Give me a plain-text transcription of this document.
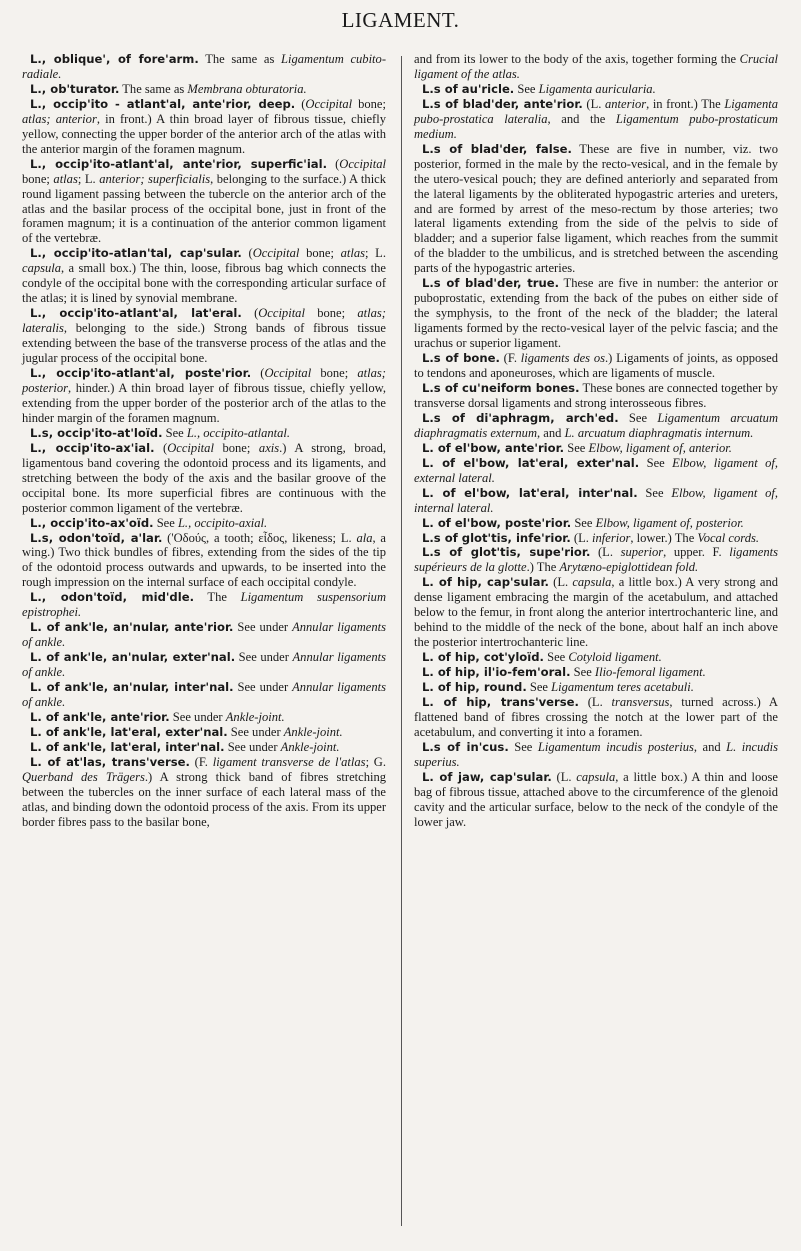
LIGAMENT.

L., oblique', of fore'arm. The same as Ligamentum cubito-radiale.

L., ob'turator. The same as Membrana obturatoria.

L., occip'ito - atlant'al, ante'rior, deep. (Occipital bone; atlas; anterior, in front.) A thin broad layer of fibrous tissue, chiefly yellow, connecting the upper border of the anterior arch of the atlas with the anterior margin of the foramen magnum.

L., occip'ito-atlant'al, ante'rior, superfic'ial. (Occipital bone; atlas; L. anterior; superficialis, belonging to the surface.) A thick round ligament passing between the tubercle on the anterior arch of the atlas and the basilar process of the occipital bone, just in front of the foramen magnum; it is a continuation of the anterior common ligament of the vertebræ.

L., occip'ito-atlan'tal, cap'sular. (Occipital bone; atlas; L. capsula, a small box.) The thin, loose, fibrous bag which connects the condyle of the occipital bone with the corresponding articular surface of the atlas; it is lined by synovial membrane.

L., occip'ito-atlant'al, lat'eral. (Occipital bone; atlas; lateralis, belonging to the side.) Strong bands of fibrous tissue extending between the base of the transverse process of the atlas and the jugular process of the occipital bone.

L., occip'ito-atlant'al, poste'rior. (Occipital bone; atlas; posterior, hinder.) A thin broad layer of fibrous tissue, chiefly yellow, extending from the upper border of the posterior arch of the atlas to the hinder margin of the foramen magnum.

L.s, occip'ito-at'loïd. See L., occipito-atlantal.

L., occip'ito-ax'ial. (Occipital bone; axis.) A strong, broad, ligamentous band covering the odontoid process and its ligaments, and stretching between the body of the axis and the basilar groove of the occipital bone. Its more superficial fibres are continuous with the posterior common ligament of the vertebræ.

L., occip'ito-ax'oïd. See L., occipito-axial.

L.s, odon'toïd, a'lar. ('Οδούς, a tooth; εἶδος, likeness; L. ala, a wing.) Two thick bundles of fibres, extending from the sides of the tip of the odontoid process outwards and upwards, to be inserted into the rough impression on the internal surface of each occipital condyle.

L., odon'toïd, mid'dle. The Ligamentum suspensorium epistrophei.

L. of ank'le, an'nular, ante'rior. See under Annular ligaments of ankle.

L. of ank'le, an'nular, exter'nal. See under Annular ligaments of ankle.

L. of ank'le, an'nular, inter'nal. See under Annular ligaments of ankle.

L. of ank'le, ante'rior. See under Ankle-joint.

L. of ank'le, lat'eral, exter'nal. See under Ankle-joint.

L. of ank'le, lat'eral, inter'nal. See under Ankle-joint.

L. of at'las, trans'verse. (F. ligament transverse de l'atlas; G. Querband des Trägers.) A strong thick band of fibres stretching between the tubercles on the inner surface of each lateral mass of the atlas, and binding down the odontoid process of the axis. From its upper border fibres pass to the basilar bone,

and from its lower to the body of the axis, together forming the Crucial ligament of the atlas.

L.s of au'ricle. See Ligamenta auricularia.

L.s of blad'der, ante'rior. (L. anterior, in front.) The Ligamenta pubo-prostatica lateralia, and the Ligamentum pubo-prostaticum medium.

L.s of blad'der, false. These are five in number, viz. two posterior, formed in the male by the recto-vesical, and in the female by the utero-vesical pouch; they are defined anteriorly and separated from the lateral ligaments by the obliterated hypogastric arteries and ureters, and are formed by arrest of the meso-rectum by those arteries; two lateral ligaments extending from the side of the pelvis to side of bladder; and a superior false ligament, which reaches from the summit of the bladder to the umbilicus, and is stretched between the ascending parts of the hypogastric arteries.

L.s of blad'der, true. These are five in number: the anterior or puboprostatic, extending from the back of the pubes on either side of the symphysis, to the front of the neck of the bladder; the lateral ligaments formed by the recto-vesical layer of the pelvic fascia; and the urachus or superior ligament.

L.s of bone. (F. ligaments des os.) Ligaments of joints, as opposed to tendons and aponeuroses, which are ligaments of muscle.

L.s of cu'neiform bones. These bones are connected together by transverse dorsal ligaments and strong interosseous fibres.

L.s of di'aphragm, arch'ed. See Ligamentum arcuatum diaphragmatis externum, and L. arcuatum diaphragmatis internum.

L. of el'bow, ante'rior. See Elbow, ligament of, anterior.

L. of el'bow, lat'eral, exter'nal. See Elbow, ligament of, external lateral.

L. of el'bow, lat'eral, inter'nal. See Elbow, ligament of, internal lateral.

L. of el'bow, poste'rior. See Elbow, ligament of, posterior.

L.s of glot'tis, infe'rior. (L. inferior, lower.) The Vocal cords.

L.s of glot'tis, supe'rior. (L. superior, upper. F. ligaments supérieurs de la glotte.) The Arytæno-epiglottidean fold.

L. of hip, cap'sular. (L. capsula, a little box.) A very strong and dense ligament embracing the margin of the acetabulum, and attached below to the femur, in front along the anterior intertrochanteric line, and behind to the middle of the neck of the bone, about half an inch above the posterior intertrochanteric line.

L. of hip, cot'yloïd. See Cotyloid ligament.

L. of hip, il'io-fem'oral. See Ilio-femoral ligament.

L. of hip, round. See Ligamentum teres acetabuli.

L. of hip, trans'verse. (L. transversus, turned across.) A flattened band of fibres crossing the notch at the lower part of the acetabulum, and converting it into a foramen.

L.s of in'cus. See Ligamentum incudis posterius, and L. incudis superius.

L. of jaw, cap'sular. (L. capsula, a little box.) A thin and loose bag of fibrous tissue, attached above to the circumference of the glenoid cavity and the articular surface, below to the neck of the condyle of the lower jaw.
